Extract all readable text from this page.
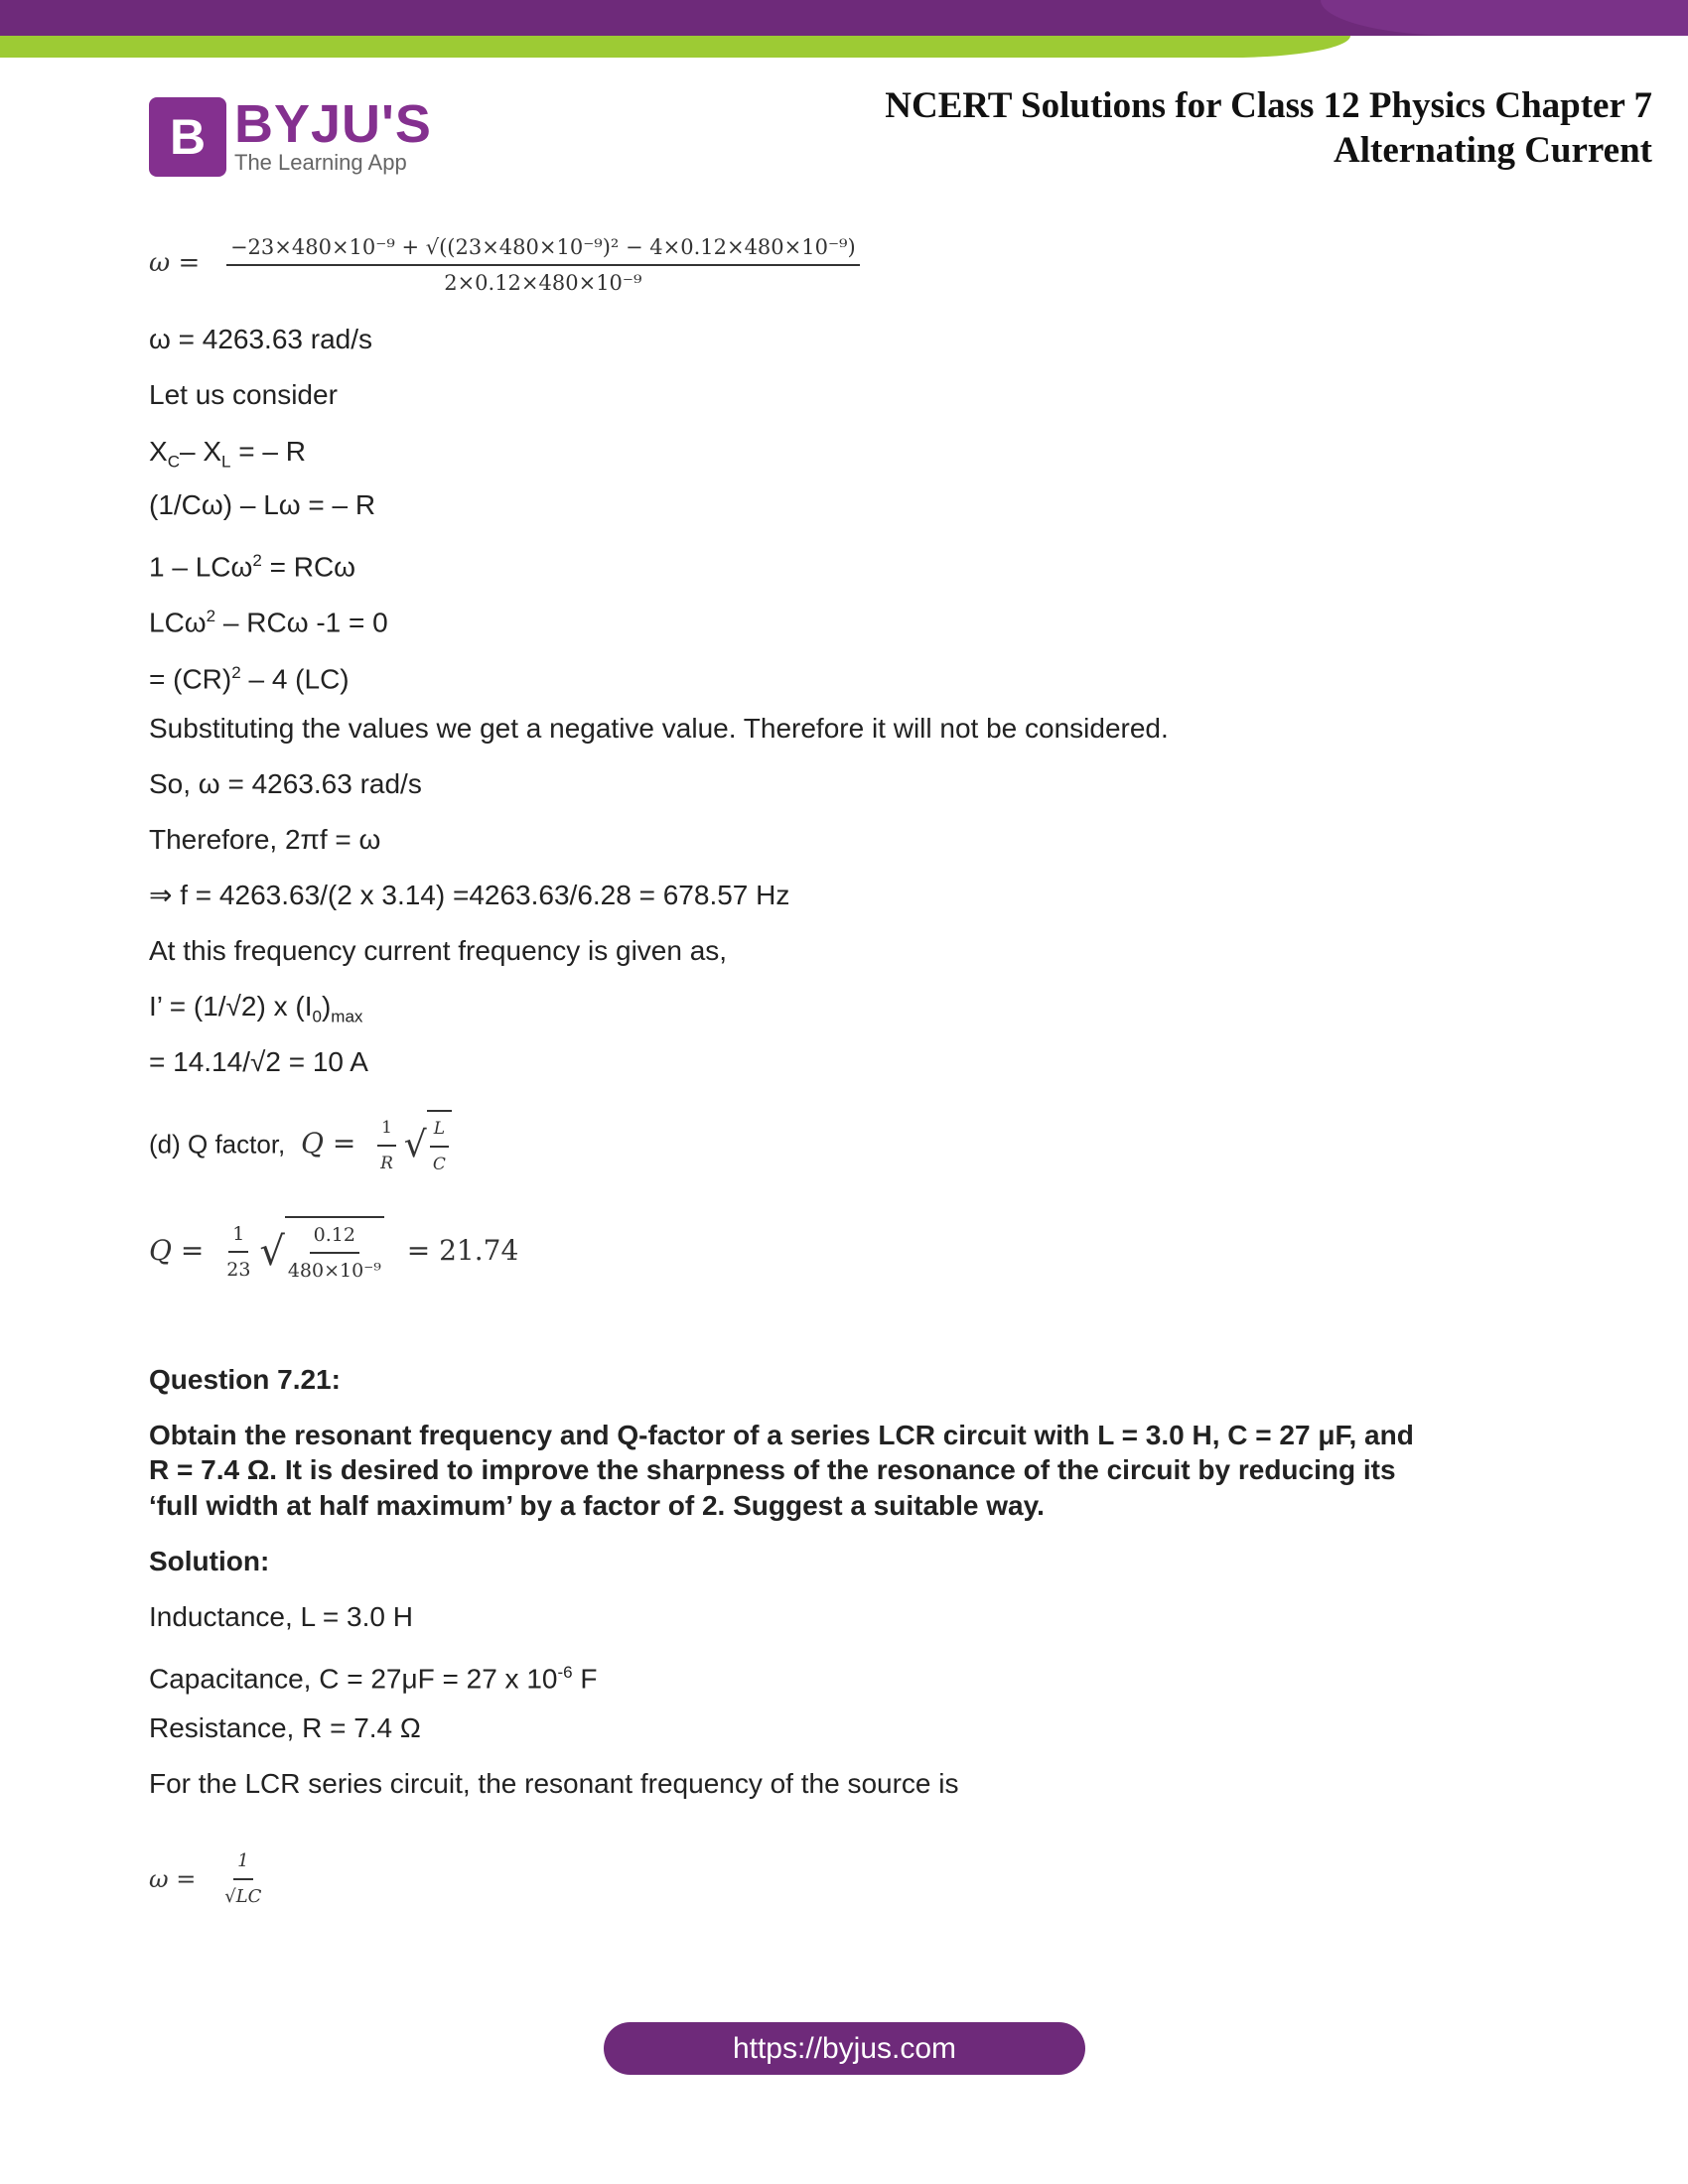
B BYJU'S
The Learning App
NCERT Solutions for Class 12 Physics Chapter 7
Alternating Current
$\omega = \frac{\text{−23×480×10⁻⁹ + √((23×480×10⁻⁹)² − 4×0.12×480×10⁻⁹)}}{\text{2×0.12×480×10⁻⁹}}$
ω = 4263.63 rad/s
Let us consider
$X_C-$ $X_L$ = – R
(1/Cω) – Lω = – R
1 – LCω$^2$ = RCω
LCω$^2$ – RCω -1 = 0
= (CR)$^2$ – 4 (LC)
Substituting the values we get a negative value. Therefore it will not be considered.
So, ω = 4263.63 rad/s
Therefore, 2πf = ω
⇒ f = 4263.63/(2 x 3.14) =4263.63/6.28 = 678.57 Hz
At this frequency current frequency is given as,
I’ = (1/√2) x $(I_0)_{max}$
= 14.14/√2 = 10 A
(d) Q factor, $Q = \frac{1}{R}$ √ $\frac{L}{C}$
$Q = \frac{1}{23}$ √ $\frac{0.12}{\text{480×10⁻⁹}} = 21.74$
Question 7.21:
Obtain the resonant frequency and Q-factor of a series LCR circuit with L = 3.0 H, C = 27 μF, and
R = 7.4 Ω. It is desired to improve the sharpness of the resonance of the circuit by reducing its
‘full width at half maximum’ by a factor of 2. Suggest a suitable way.
Solution:
Inductance, L = 3.0 H
Capacitance, C = 27μF = 27 x $10^{-6}$ F
Resistance, R = 7.4 Ω
For the LCR series circuit, the resonant frequency of the source is
$\omega = \frac{1}{√LC}$
https://byjus.com
